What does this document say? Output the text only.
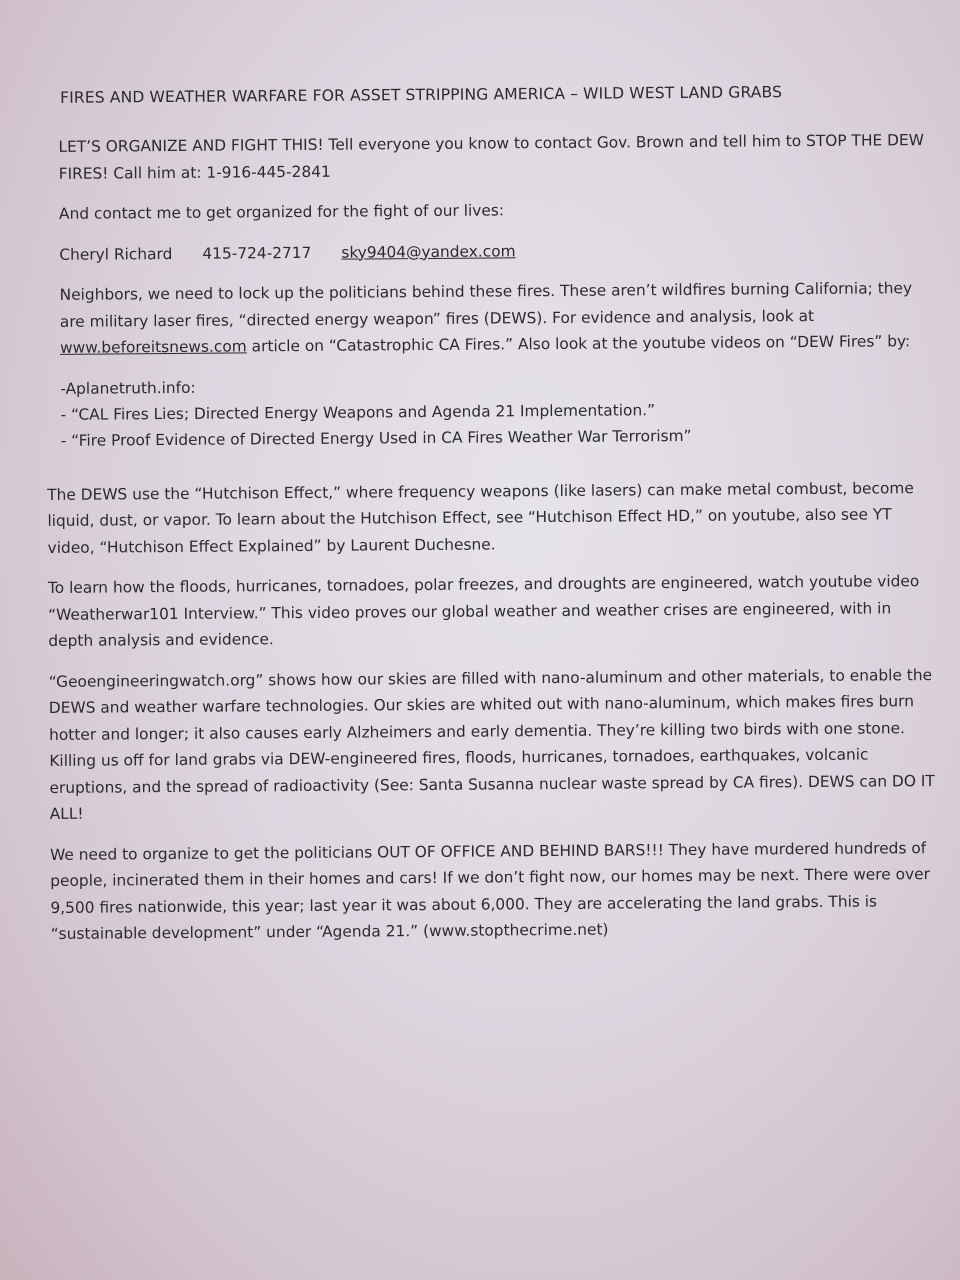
FIRES AND WEATHER WARFARE FOR ASSET STRIPPING AMERICA – WILD WEST LAND GRABS

LET’S ORGANIZE AND FIGHT THIS! Tell everyone you know to contact Gov. Brown and tell him to STOP THE DEW FIRES! Call him at: 1-916-445-2841

And contact me to get organized for the fight of our lives:

Cheryl Richard 415-724-2717 sky9404@yandex.com

Neighbors, we need to lock up the politicians behind these fires. These aren’t wildfires burning California; they are military laser fires, “directed energy weapon” fires (DEWS). For evidence and analysis, look at www.beforeitsnews.com article on “Catastrophic CA Fires.” Also look at the youtube videos on “DEW Fires” by:

-Aplanetruth.info:
- “CAL Fires Lies; Directed Energy Weapons and Agenda 21 Implementation.”
- “Fire Proof Evidence of Directed Energy Used in CA Fires Weather War Terrorism”

The DEWS use the “Hutchison Effect,” where frequency weapons (like lasers) can make metal combust, become liquid, dust, or vapor. To learn about the Hutchison Effect, see “Hutchison Effect HD,” on youtube, also see YT video, “Hutchison Effect Explained” by Laurent Duchesne.

To learn how the floods, hurricanes, tornadoes, polar freezes, and droughts are engineered, watch youtube video “Weatherwar101 Interview.” This video proves our global weather and weather crises are engineered, with in depth analysis and evidence.

“Geoengineeringwatch.org” shows how our skies are filled with nano-aluminum and other materials, to enable the DEWS and weather warfare technologies. Our skies are whited out with nano-aluminum, which makes fires burn hotter and longer; it also causes early Alzheimers and early dementia. They’re killing two birds with one stone. Killing us off for land grabs via DEW-engineered fires, floods, hurricanes, tornadoes, earthquakes, volcanic eruptions, and the spread of radioactivity (See: Santa Susanna nuclear waste spread by CA fires). DEWS can DO IT ALL!

We need to organize to get the politicians OUT OF OFFICE AND BEHIND BARS!!! They have murdered hundreds of people, incinerated them in their homes and cars! If we don’t fight now, our homes may be next. There were over 9,500 fires nationwide, this year; last year it was about 6,000. They are accelerating the land grabs. This is “sustainable development” under “Agenda 21.” (www.stopthecrime.net)
